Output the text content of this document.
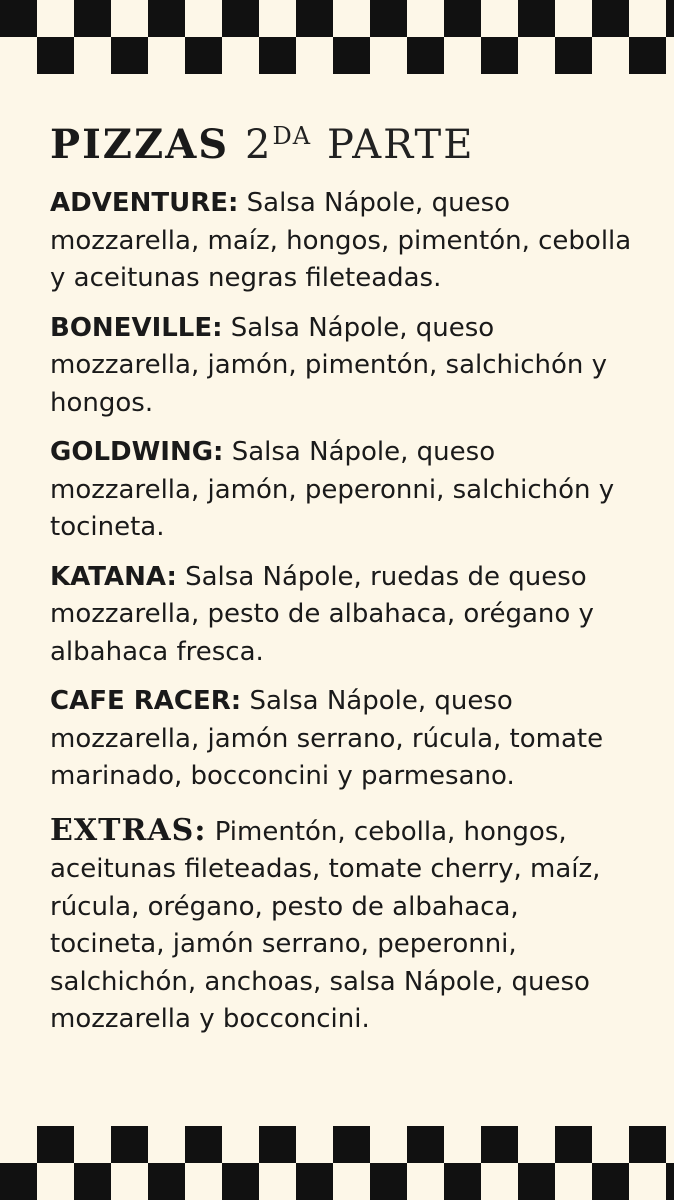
PIZZAS $2^{DA}$ PARTE

ADVENTURE: Salsa Nápole, queso mozzarella, maíz, hongos, pimentón, cebolla y aceitunas negras fileteadas.

BONEVILLE: Salsa Nápole, queso mozzarella, jamón, pimentón, salchichón y hongos.

GOLDWING: Salsa Nápole, queso mozzarella, jamón, peperonni, salchichón y tocineta.

KATANA: Salsa Nápole, ruedas de queso mozzarella, pesto de albahaca, orégano y albahaca fresca.

CAFE RACER: Salsa Nápole, queso mozzarella, jamón serrano, rúcula, tomate marinado, bocconcini y parmesano.

EXTRAS: Pimentón, cebolla, hongos, aceitunas fileteadas, tomate cherry, maíz, rúcula, orégano, pesto de albahaca, tocineta, jamón serrano, peperonni, salchichón, anchoas, salsa Nápole, queso mozzarella y bocconcini.
